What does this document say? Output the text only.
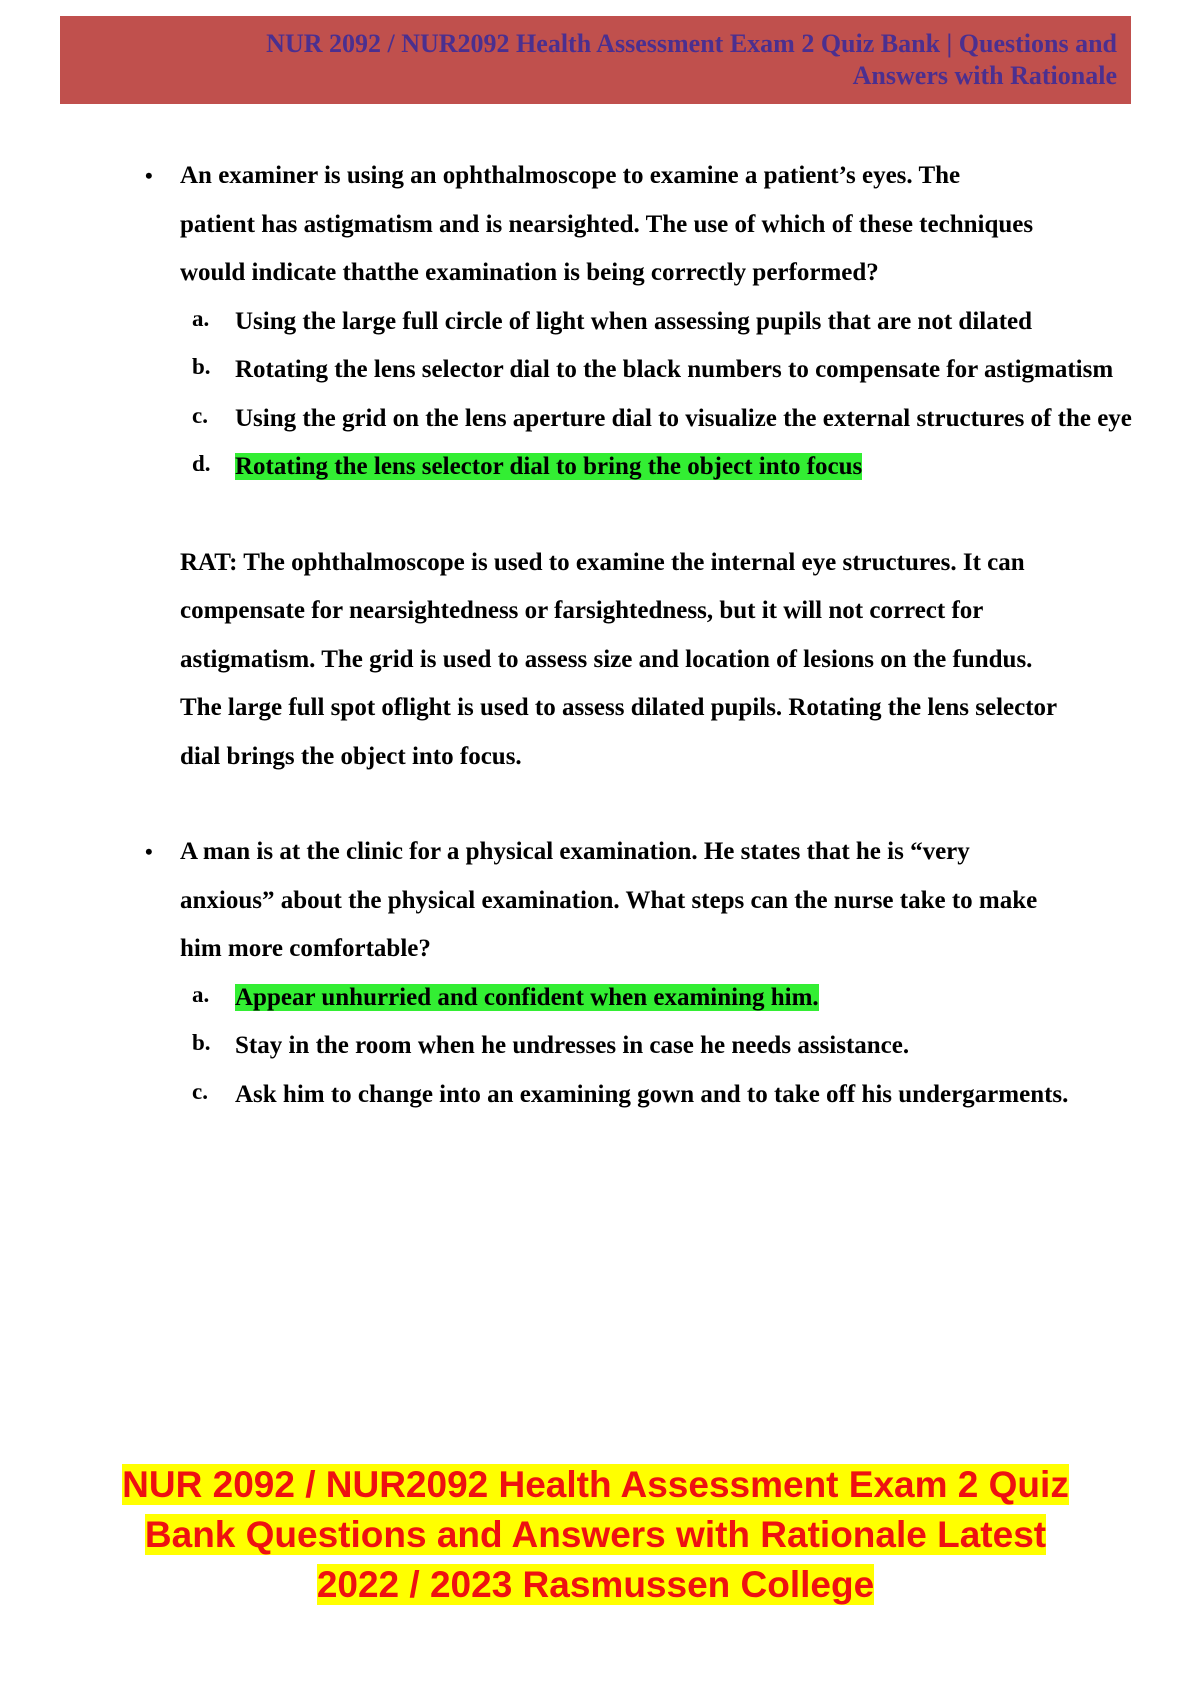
NUR 2092 / NUR2092 Health Assessment Exam 2 Quiz Bank | Questions and Answers with Rationale
• An examiner is using an ophthalmoscope to examine a patient’s eyes. The patient has astigmatism and is nearsighted. The use of which of these techniques would indicate thatthe examination is being correctly performed?
a. Using the large full circle of light when assessing pupils that are not dilated
b. Rotating the lens selector dial to the black numbers to compensate for astigmatism
c. Using the grid on the lens aperture dial to visualize the external structures of the eye
d. Rotating the lens selector dial to bring the object into focus
RAT: The ophthalmoscope is used to examine the internal eye structures. It can compensate for nearsightedness or farsightedness, but it will not correct for astigmatism. The grid is used to assess size and location of lesions on the fundus. The large full spot oflight is used to assess dilated pupils. Rotating the lens selector dial brings the object into focus.
• A man is at the clinic for a physical examination. He states that he is “very anxious” about the physical examination. What steps can the nurse take to make him more comfortable?
a. Appear unhurried and confident when examining him.
b. Stay in the room when he undresses in case he needs assistance.
c. Ask him to change into an examining gown and to take off his undergarments.
NUR 2092 / NUR2092 Health Assessment Exam 2 Quiz
Bank Questions and Answers with Rationale Latest
2022 / 2023 Rasmussen College
